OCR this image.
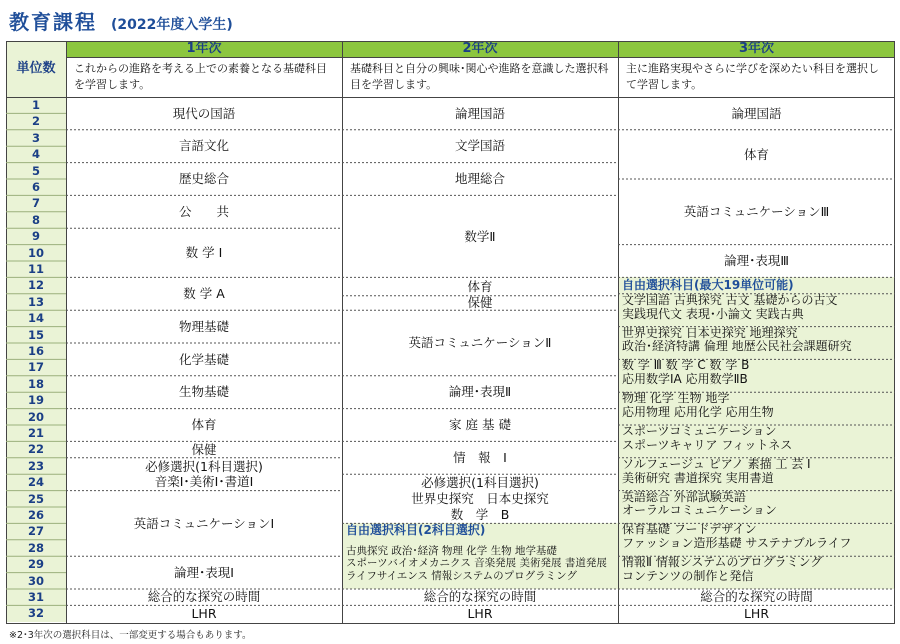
教育課程 (2022年度入学生)
単位数
1年次	2年次	3年次
これからの進路を考える上での素養となる基礎科目を学習します。
基礎科目と自分の興味･関心や進路を意識した選択科目を学習します。
主に進路実現やさらに学びを深めたい科目を選択して学習します。
1
2
3
4
5
6
7
8
9
10
11
12
13
14
15
16
17
18
19
20
21
22
23
24
25
26
27
28
29
30
31
32
現代の国語
言語文化
歴史総合
公　　共
数 学 Ⅰ
数 学 A
物理基礎
化学基礎
生物基礎
体育
保健
必修選択(1科目選択)
音楽Ⅰ･美術Ⅰ･書道Ⅰ
英語コミュニケーションⅠ
論理･表現Ⅰ
総合的な探究の時間
LHR
論理国語
文学国語
地理総合
数学Ⅱ
体育
保健
英語コミュニケーションⅡ
論理･表現Ⅱ
家 庭 基 礎
情　報　Ⅰ
必修選択(1科目選択)
世界史探究　日本史探究
数　学　B
自由選択科目(2科目選択)
古典探究 政治･経済 物理 化学 生物 地学基礎
スポーツバイオメカニクス 音楽発展 美術発展 書道発展
ライフサイエンス 情報システムのプログラミング
総合的な探究の時間
LHR
論理国語
体育
英語コミュニケーションⅢ
論理･表現Ⅲ
自由選択科目(最大19単位可能)
文学国語 古典探究 古文 基礎からの古文
実践現代文 表現･小論文 実践古典
世界史探究 日本史探究 地理探究
政治･経済特講 倫理 地歴公民社会課題研究
数 学 Ⅲ 数 学 C 数 学 B
応用数学ⅠA 応用数学ⅡB
物理 化学 生物 地学
応用物理 応用化学 応用生物
スポーツコミュニケーション
スポーツキャリア フィットネス
ソルフェージュ ピアノ 素描 工 芸 Ⅰ
美術研究 書道探究 実用書道
英語総合 外部試験英語
オーラルコミュニケーション
保育基礎 フードデザイン
ファッション造形基礎 サステナブルライフ
情報Ⅱ 情報システムのプログラミング
コンテンツの制作と発信
総合的な探究の時間
LHR
※2･3年次の選択科目は、一部変更する場合もあります。
